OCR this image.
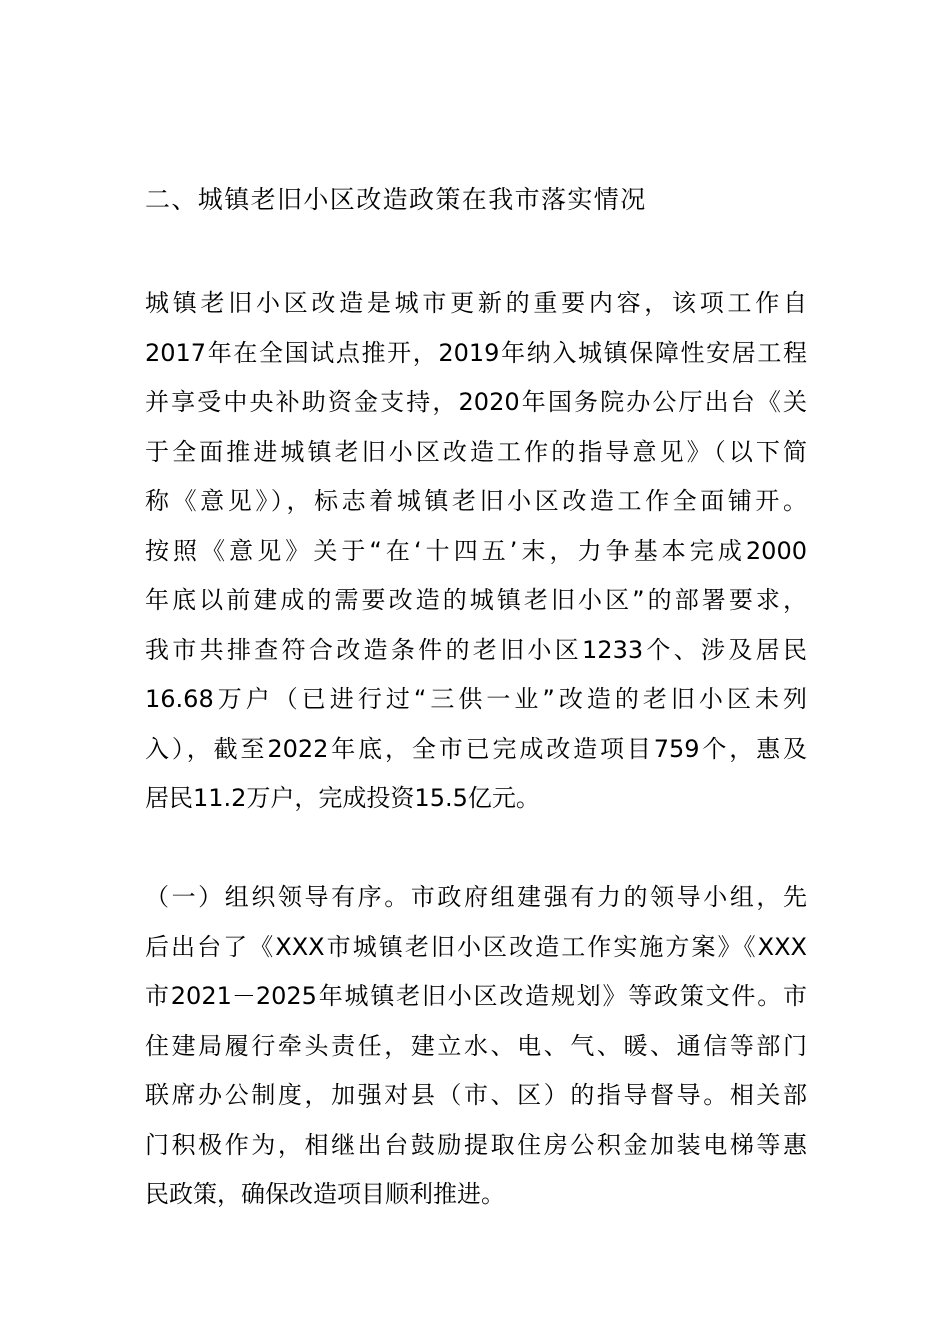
二、城镇老旧小区改造政策在我市落实情况
城镇老旧小区改造是城市更新的重要内容，该项工作自
2017年在全国试点推开，2019年纳入城镇保障性安居工程
并享受中央补助资金支持，2020年国务院办公厅出台《关
于全面推进城镇老旧小区改造工作的指导意见》（以下简
称《意见》），标志着城镇老旧小区改造工作全面铺开。
按照《意见》关于“在‘十四五’末，力争基本完成2000
年底以前建成的需要改造的城镇老旧小区”的部署要求，
我市共排查符合改造条件的老旧小区1233个、涉及居民
16.68万户（已进行过“三供一业”改造的老旧小区未列
入），截至2022年底，全市已完成改造项目759个，惠及
居民11.2万户，完成投资15.5亿元。
（一）组织领导有序。市政府组建强有力的领导小组，先
后出台了《XXX市城镇老旧小区改造工作实施方案》《XXX
市2021－2025年城镇老旧小区改造规划》等政策文件。市
住建局履行牵头责任，建立水、电、气、暖、通信等部门
联席办公制度，加强对县（市、区）的指导督导。相关部
门积极作为，相继出台鼓励提取住房公积金加装电梯等惠
民政策，确保改造项目顺利推进。
